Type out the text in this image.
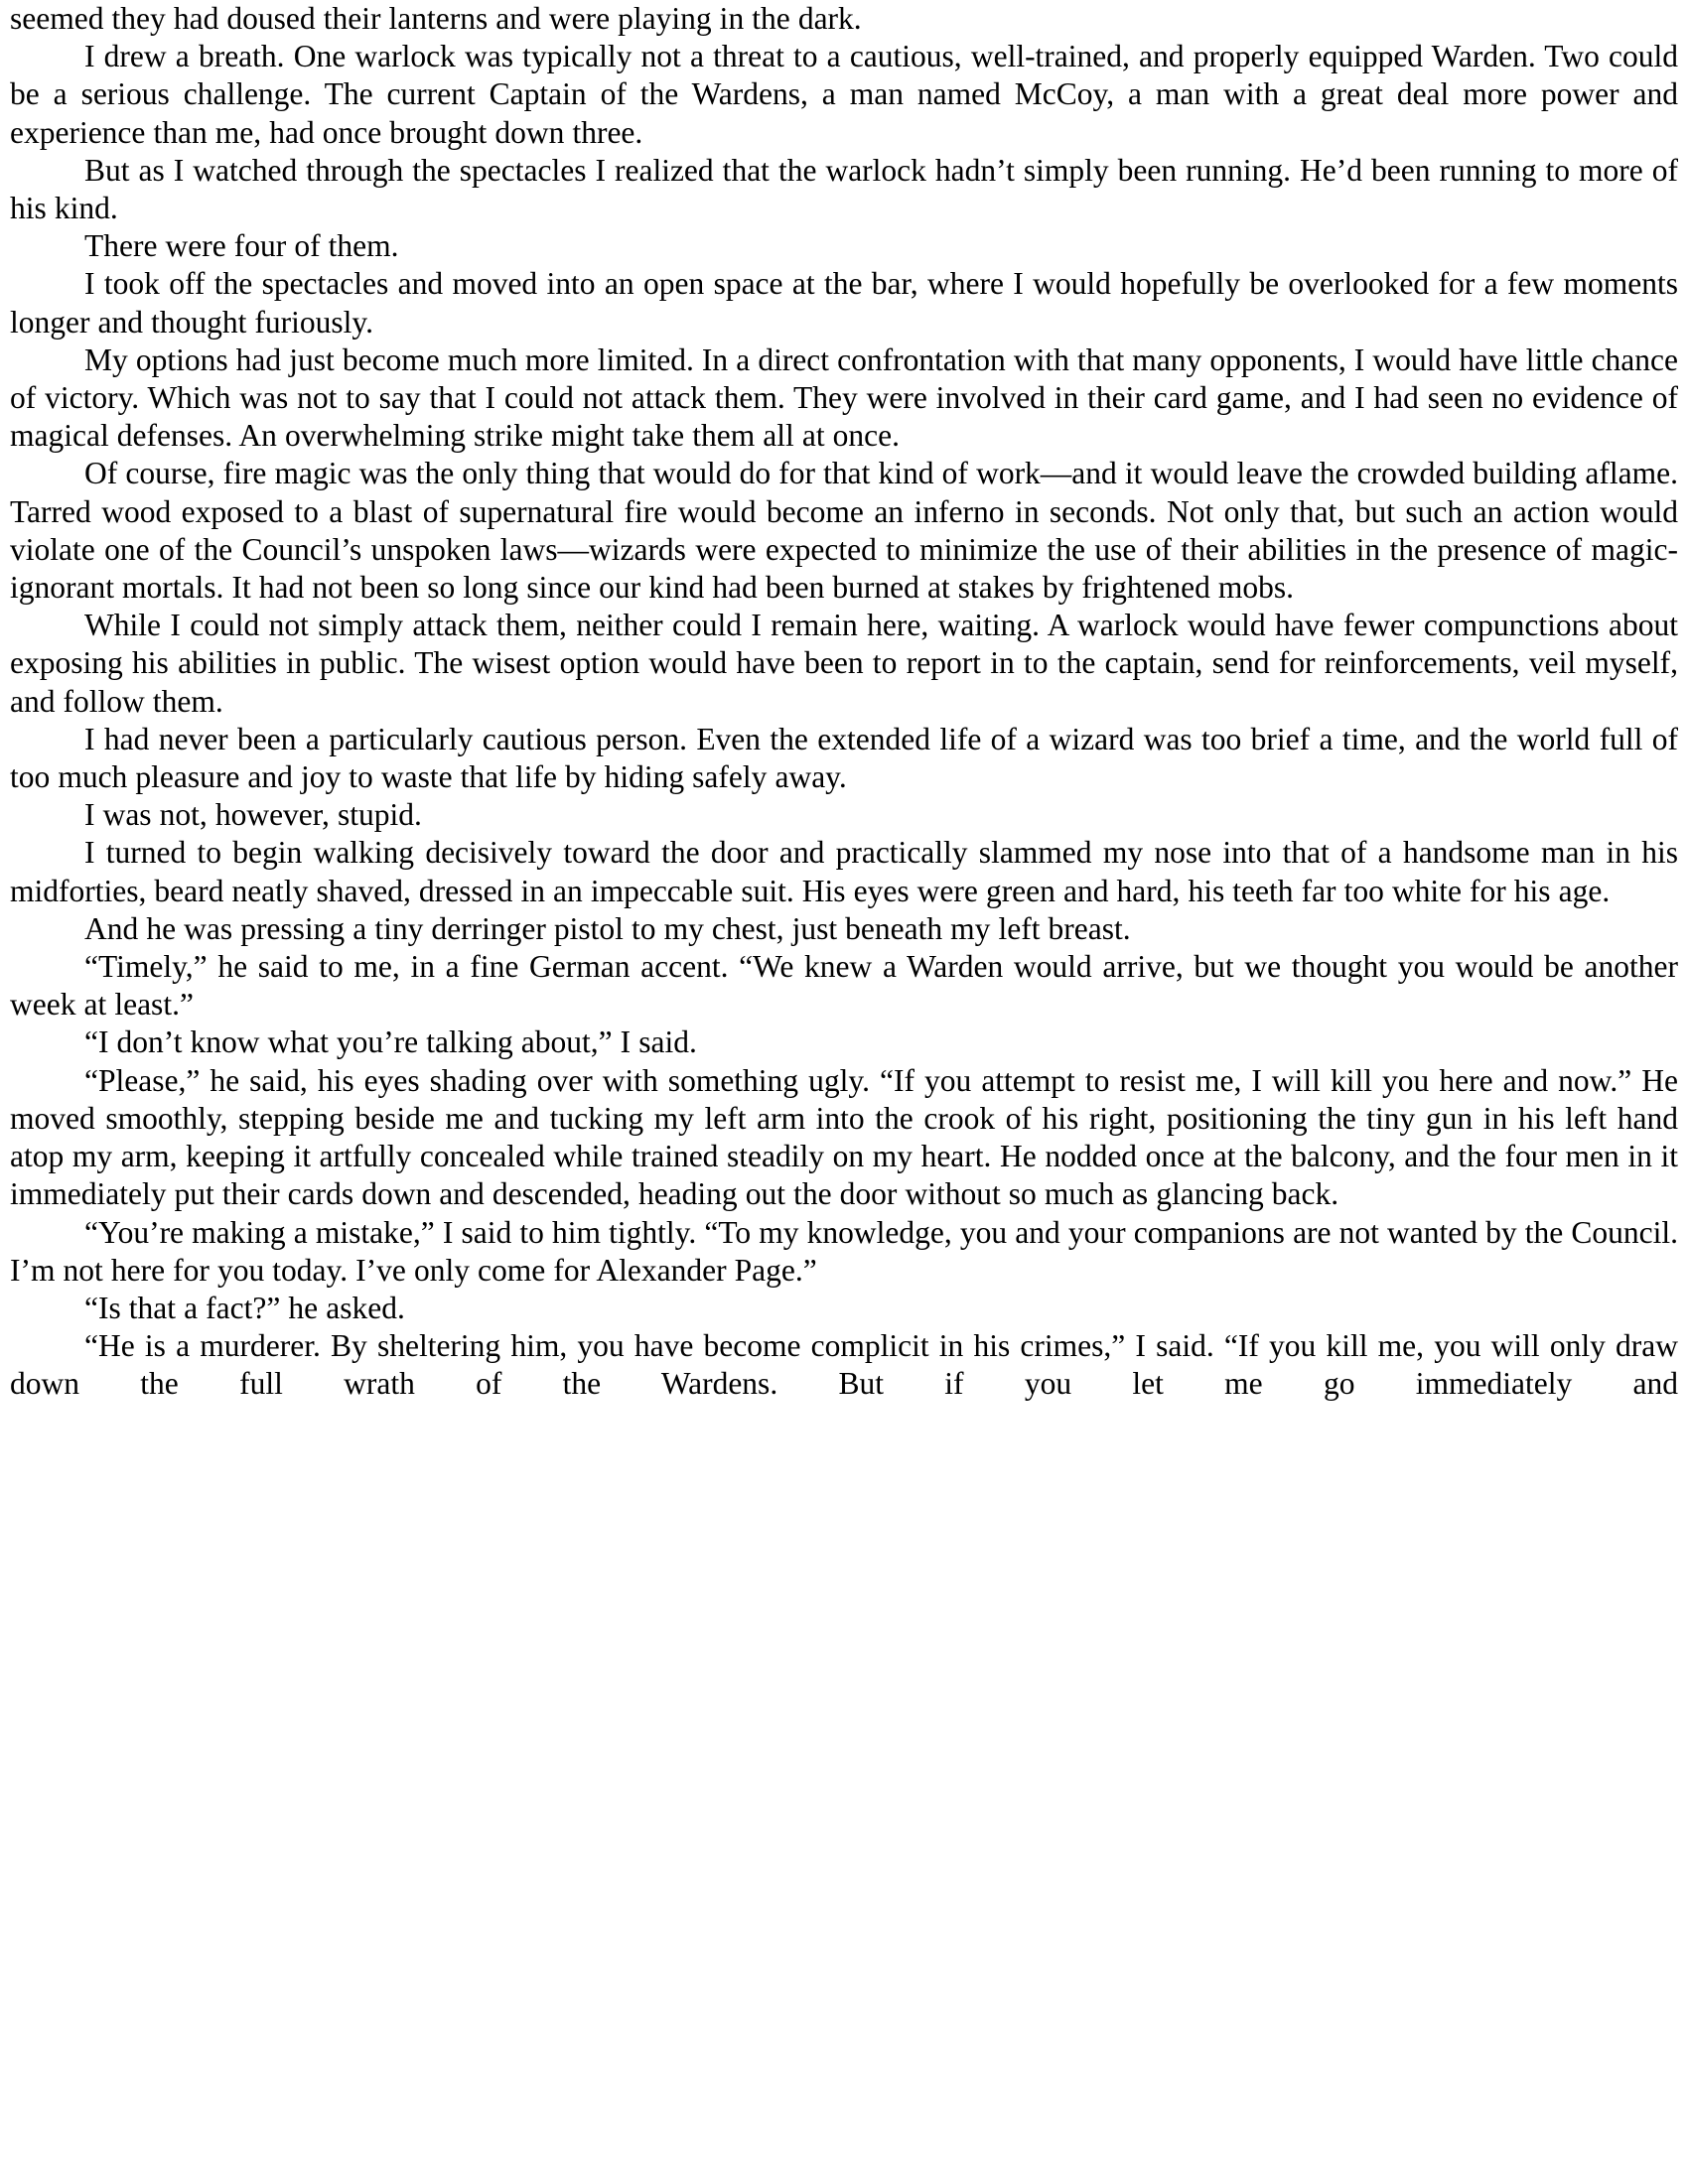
seemed they had doused their lanterns and were playing in the dark.

I drew a breath. One warlock was typically not a threat to a cautious, well-trained, and properly equipped Warden. Two could be a serious challenge. The current Captain of the Wardens, a man named McCoy, a man with a great deal more power and experience than me, had once brought down three.

But as I watched through the spectacles I realized that the warlock hadn’t simply been running. He’d been running to more of his kind.

There were four of them.

I took off the spectacles and moved into an open space at the bar, where I would hopefully be overlooked for a few moments longer and thought furiously.

My options had just become much more limited. In a direct confrontation with that many opponents, I would have little chance of victory. Which was not to say that I could not attack them. They were involved in their card game, and I had seen no evidence of magical defenses. An overwhelming strike might take them all at once.

Of course, fire magic was the only thing that would do for that kind of work—and it would leave the crowded building aflame. Tarred wood exposed to a blast of supernatural fire would become an inferno in seconds. Not only that, but such an action would violate one of the Council’s unspoken laws—wizards were expected to minimize the use of their abilities in the presence of magic-ignorant mortals. It had not been so long since our kind had been burned at stakes by frightened mobs.

While I could not simply attack them, neither could I remain here, waiting. A warlock would have fewer compunctions about exposing his abilities in public. The wisest option would have been to report in to the captain, send for reinforcements, veil myself, and follow them.

I had never been a particularly cautious person. Even the extended life of a wizard was too brief a time, and the world full of too much pleasure and joy to waste that life by hiding safely away.

I was not, however, stupid.

I turned to begin walking decisively toward the door and practically slammed my nose into that of a handsome man in his midforties, beard neatly shaved, dressed in an impeccable suit. His eyes were green and hard, his teeth far too white for his age.

And he was pressing a tiny derringer pistol to my chest, just beneath my left breast.

“Timely,” he said to me, in a fine German accent. “We knew a Warden would arrive, but we thought you would be another week at least.”

“I don’t know what you’re talking about,” I said.

“Please,” he said, his eyes shading over with something ugly. “If you attempt to resist me, I will kill you here and now.” He moved smoothly, stepping beside me and tucking my left arm into the crook of his right, positioning the tiny gun in his left hand atop my arm, keeping it artfully concealed while trained steadily on my heart. He nodded once at the balcony, and the four men in it immediately put their cards down and descended, heading out the door without so much as glancing back.

“You’re making a mistake,” I said to him tightly. “To my knowledge, you and your companions are not wanted by the Council. I’m not here for you today. I’ve only come for Alexander Page.”

“Is that a fact?” he asked.

“He is a murderer. By sheltering him, you have become complicit in his crimes,” I said. “If you kill me, you will only draw down the full wrath of the Wardens. But if you let me go immediately and
